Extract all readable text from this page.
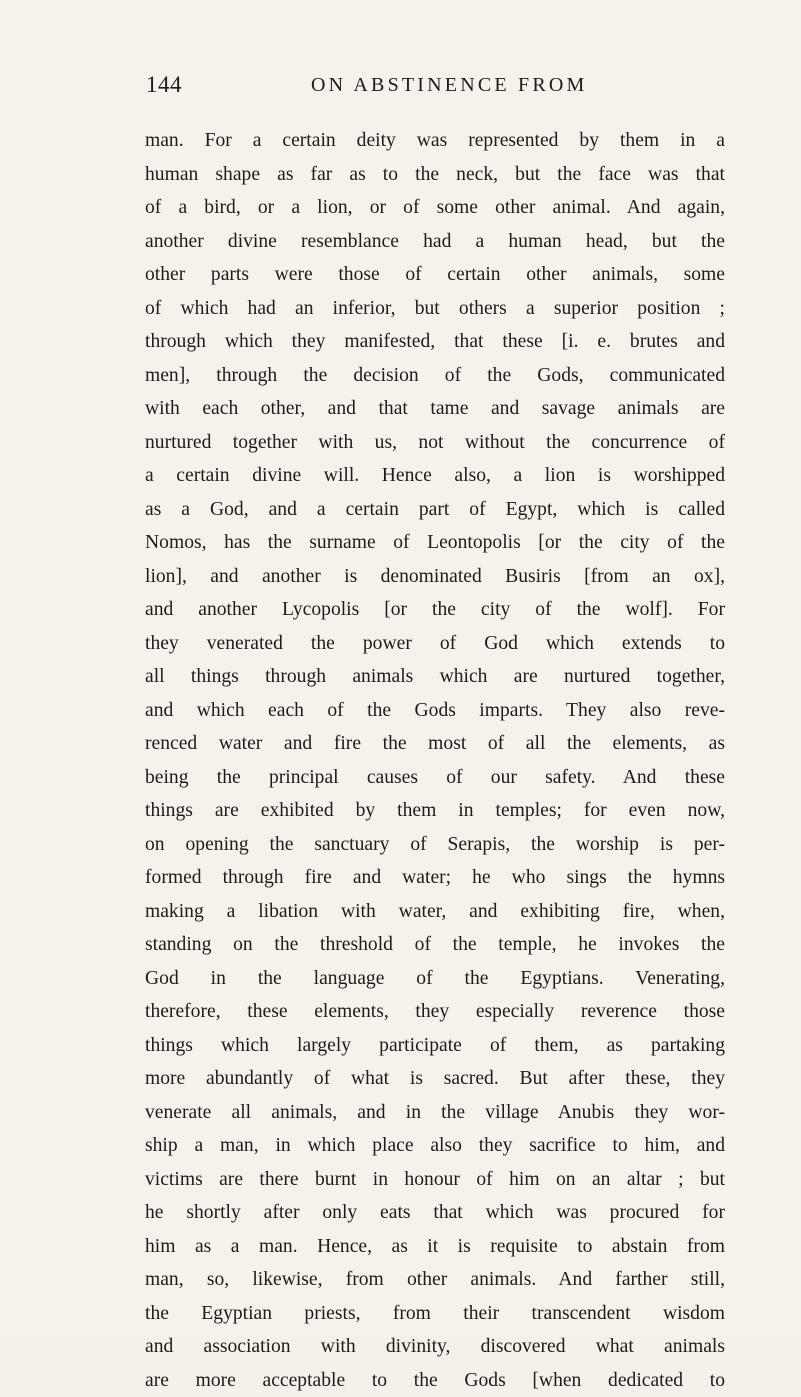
144	ON ABSTINENCE FROM
man. For a certain deity was represented by them in a
human shape as far as to the neck, but the face was that
of a bird, or a lion, or of some other animal. And again,
another divine resemblance had a human head, but the
other parts were those of certain other animals, some
of which had an inferior, but others a superior position ;
through which they manifested, that these [i. e. brutes and
men], through the decision of the Gods, communicated
with each other, and that tame and savage animals are
nurtured together with us, not without the concurrence of
a certain divine will. Hence also, a lion is worshipped
as a God, and a certain part of Egypt, which is called
Nomos, has the surname of Leontopolis [or the city of the
lion], and another is denominated Busiris [from an ox],
and another Lycopolis [or the city of the wolf]. For
they venerated the power of God which extends to
all things through animals which are nurtured together,
and which each of the Gods imparts. They also reve-
renced water and fire the most of all the elements, as
being the principal causes of our safety. And these
things are exhibited by them in temples; for even now,
on opening the sanctuary of Serapis, the worship is per-
formed through fire and water; he who sings the hymns
making a libation with water, and exhibiting fire, when,
standing on the threshold of the temple, he invokes the
God in the language of the Egyptians. Venerating,
therefore, these elements, they especially reverence those
things which largely participate of them, as partaking
more abundantly of what is sacred. But after these, they
venerate all animals, and in the village Anubis they wor-
ship a man, in which place also they sacrifice to him, and
victims are there burnt in honour of him on an altar ; but
he shortly after only eats that which was procured for
him as a man. Hence, as it is requisite to abstain from
man, so, likewise, from other animals. And farther still,
the Egyptian priests, from their transcendent wisdom
and association with divinity, discovered what animals
are more acceptable to the Gods [when dedicated to
